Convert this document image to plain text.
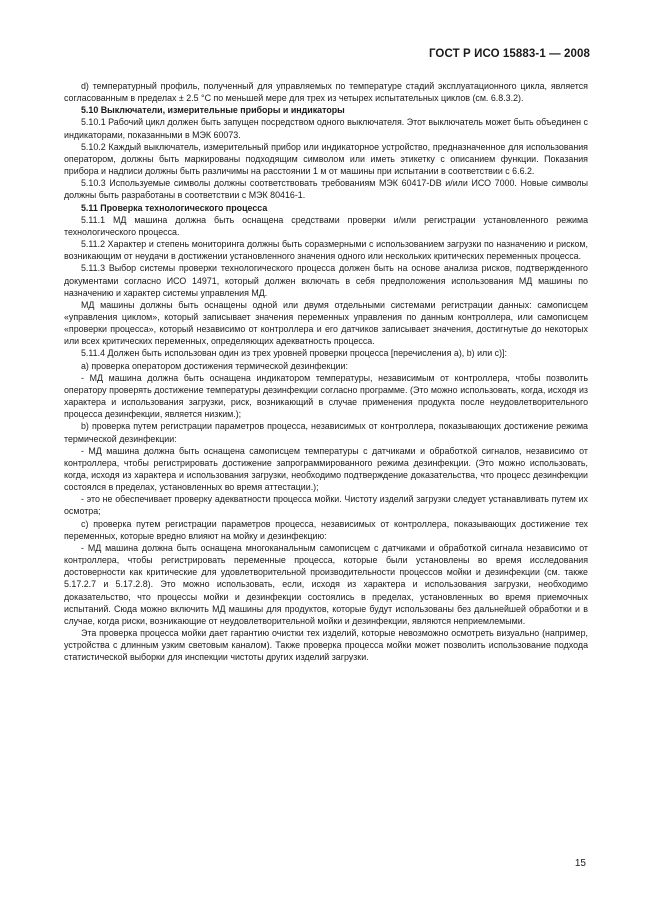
ГОСТ Р ИСО 15883-1 — 2008

d) температурный профиль, полученный для управляемых по температуре стадий эксплуатационного цикла, является согласованным в пределах ± 2.5 °С по меньшей мере для трех из четырех испытательных циклов (см. 6.8.3.2).

5.10 Выключатели, измерительные приборы и индикаторы

5.10.1 Рабочий цикл должен быть запущен посредством одного выключателя. Этот выключатель может быть объединен с индикаторами, показанными в МЭК 60073.

5.10.2 Каждый выключатель, измерительный прибор или индикаторное устройство, предназначенное для использования оператором, должны быть маркированы подходящим символом или иметь этикетку с описанием функции. Показания прибора и надписи должны быть различимы на расстоянии 1 м от машины при испытании в соответствии с 6.6.2.

5.10.3 Используемые символы должны соответствовать требованиям МЭК 60417-DB и/или ИСО 7000. Новые символы должны быть разработаны в соответствии с МЭК 80416-1.

5.11 Проверка технологического процесса

5.11.1 МД машина должна быть оснащена средствами проверки и/или регистрации установленного режима технологического процесса.

5.11.2 Характер и степень мониторинга должны быть соразмерными с использованием загрузки по назначению и риском, возникающим от неудачи в достижении установленного значения одного или нескольких критических переменных процесса.

5.11.3 Выбор системы проверки технологического процесса должен быть на основе анализа рисков, подтвержденного документами согласно ИСО 14971, который должен включать в себя предположения использования МД машины по назначению и характер системы управления МД.

МД машины должны быть оснащены одной или двумя отдельными системами регистрации данных: самописцем «управления циклом», который записывает значения переменных управления по данным контроллера, или самописцем «проверки процесса», который независимо от контроллера и его датчиков записывает значения, достигнутые до некоторых или всех критических переменных, определяющих адекватность процесса.

5.11.4 Должен быть использован один из трех уровней проверки процесса [перечисления а), b) или c)]:

a) проверка оператором достижения термической дезинфекции:

- МД машина должна быть оснащена индикатором температуры, независимым от контроллера, чтобы позволить оператору проверять достижение температуры дезинфекции согласно программе. (Это можно использовать, когда, исходя из характера и использования загрузки, риск, возникающий в случае применения продукта после неудовлетворительного процесса дезинфекции, является низким.);

b) проверка путем регистрации параметров процесса, независимых от контроллера, показывающих достижение режима термической дезинфекции:

- МД машина должна быть оснащена самописцем температуры с датчиками и обработкой сигналов, независимо от контроллера, чтобы регистрировать достижение запрограммированного режима дезинфекции. (Это можно использовать, когда, исходя из характера и использования загрузки, необходимо подтверждение доказательства, что процесс дезинфекции состоялся в пределах, установленных во время аттестации.);

- это не обеспечивает проверку адекватности процесса мойки. Чистоту изделий загрузки следует устанавливать путем их осмотра;

c) проверка путем регистрации параметров процесса, независимых от контроллера, показывающих достижение тех переменных, которые вредно влияют на мойку и дезинфекцию:

- МД машина должна быть оснащена многоканальным самописцем с датчиками и обработкой сигнала независимо от контроллера, чтобы регистрировать переменные процесса, которые были установлены во время исследования достоверности как критические для удовлетворительной производительности процессов мойки и дезинфекции (см. также 5.17.2.7 и 5.17.2.8). Это можно использовать, если, исходя из характера и использования загрузки, необходимо доказательство, что процессы мойки и дезинфекции состоялись в пределах, установленных во время приемочных испытаний. Сюда можно включить МД машины для продуктов, которые будут использованы без дальнейшей обработки и в случае, когда риски, возникающие от неудовлетворительной мойки и дезинфекции, являются неприемлемыми.

Эта проверка процесса мойки дает гарантию очистки тех изделий, которые невозможно осмотреть визуально (например, устройства с длинным узким световым каналом). Также проверка процесса мойки может позволить использование подхода статистической выборки для инспекции чистоты других изделий загрузки.

15
